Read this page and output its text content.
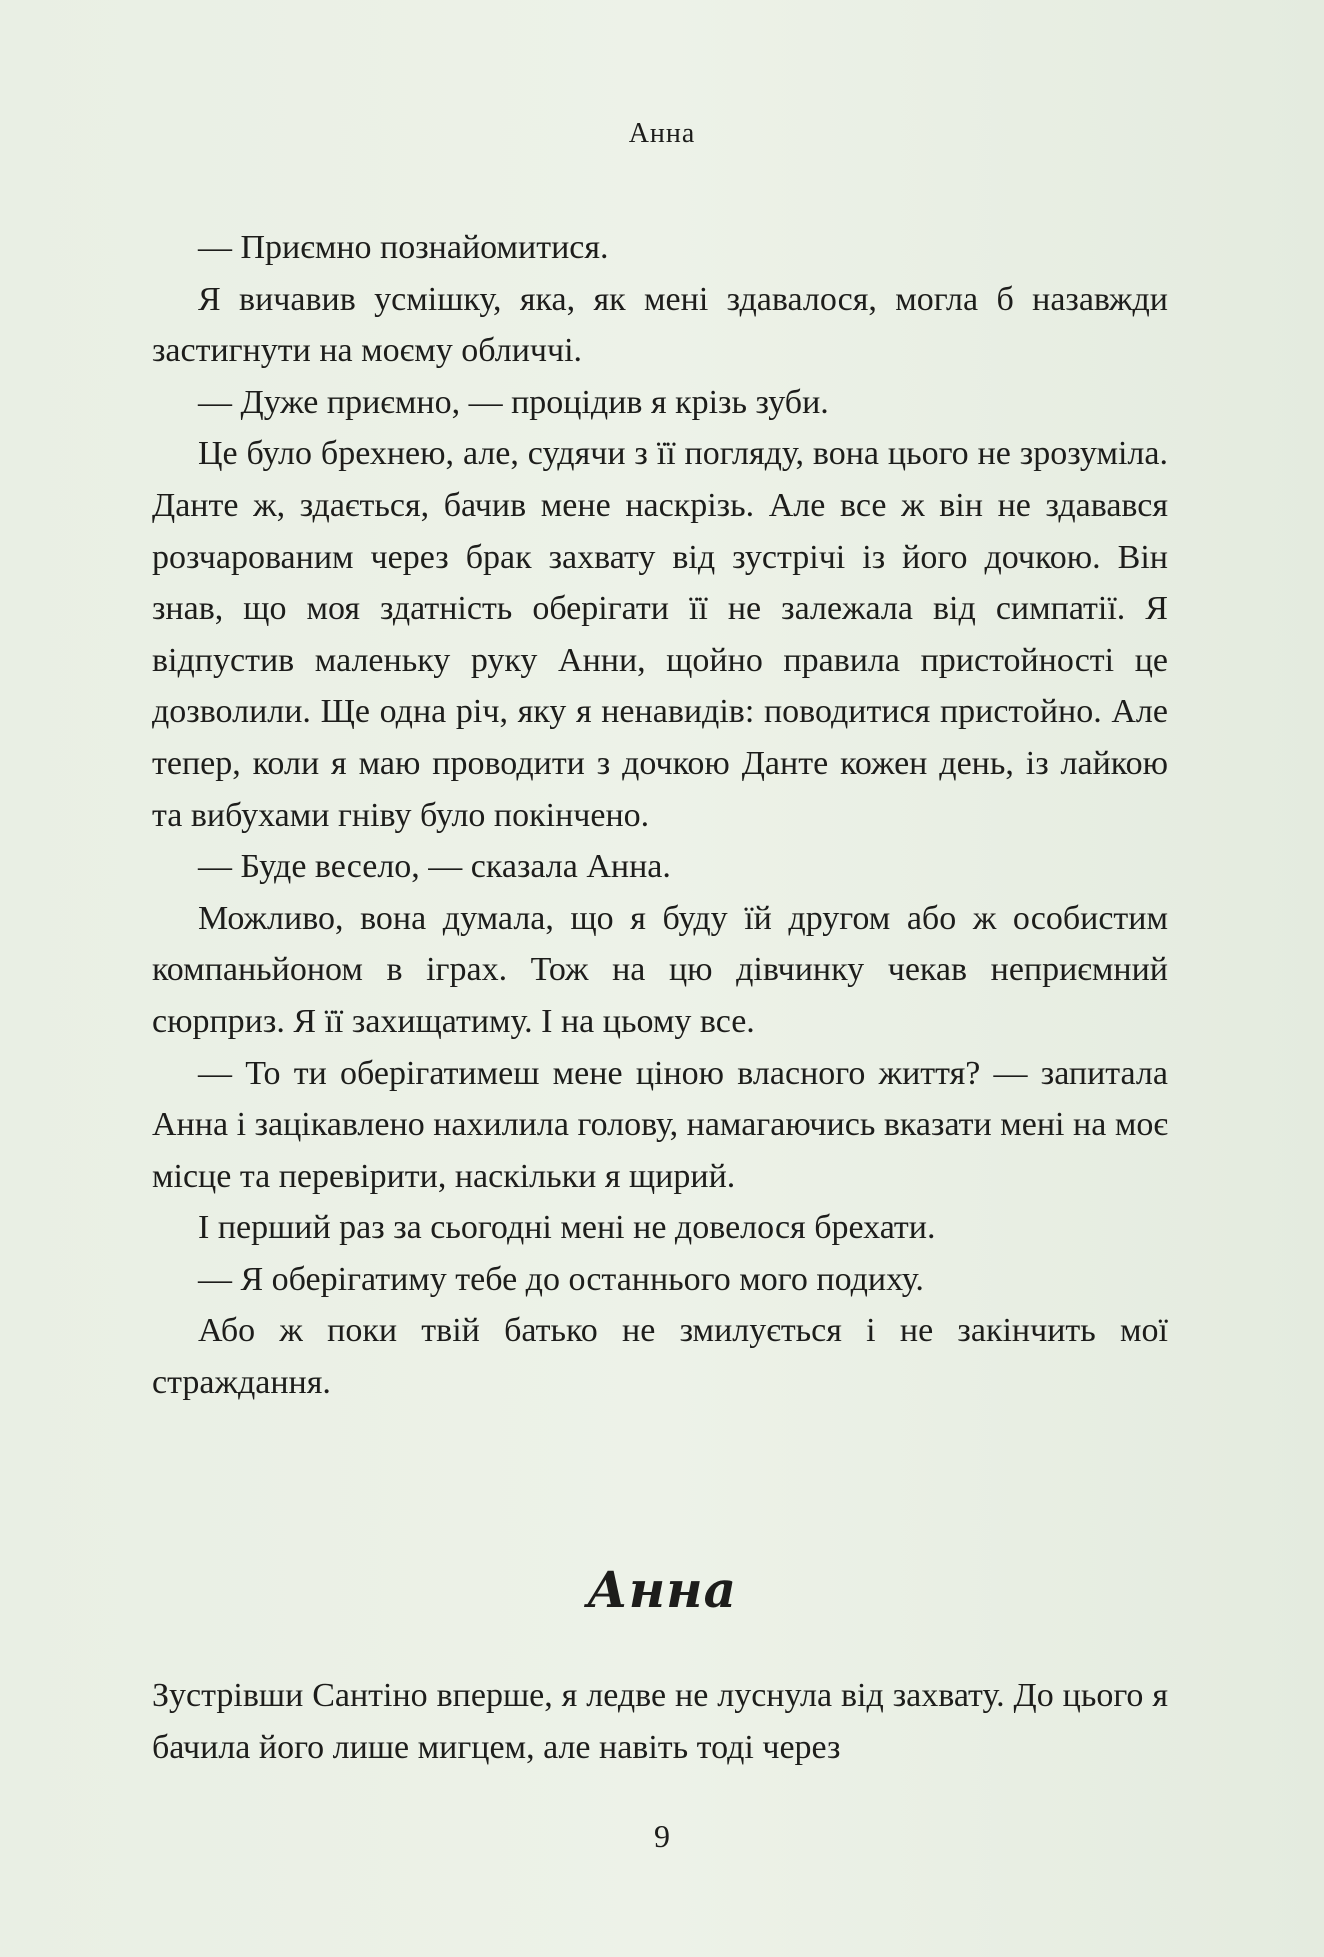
Анна

— Приємно познайомитися.

Я вичавив усмішку, яка, як мені здавалося, могла б назавжди застигнути на моєму обличчі.

— Дуже приємно, — процідив я крізь зуби.

Це було брехнею, але, судячи з її погляду, вона цього не зрозуміла. Данте ж, здається, бачив мене наскрізь. Але все ж він не здавався розчарованим через брак захвату від зустрічі із його дочкою. Він знав, що моя здатність оберігати її не залежала від симпатії. Я відпустив маленьку руку Анни, щойно правила пристойності це дозволили. Ще одна річ, яку я ненавидів: поводитися пристойно. Але тепер, коли я маю проводити з дочкою Данте кожен день, із лайкою та вибухами гніву було покінчено.

— Буде весело, — сказала Анна.

Можливо, вона думала, що я буду їй другом або ж особистим компаньйоном в іграх. Тож на цю дівчинку чекав неприємний сюрприз. Я її захищатиму. І на цьому все.

— То ти оберігатимеш мене ціною власного життя? — запитала Анна і зацікавлено нахилила голову, намагаючись вказати мені на моє місце та перевірити, наскільки я щирий.

І перший раз за сьогодні мені не довелося брехати.

— Я оберігатиму тебе до останнього мого подиху.

Або ж поки твій батько не змилується і не закінчить мої страждання.

Анна

Зустрівши Сантіно вперше, я ледве не луснула від захвату. До цього я бачила його лише мигцем, але навіть тоді через

9
